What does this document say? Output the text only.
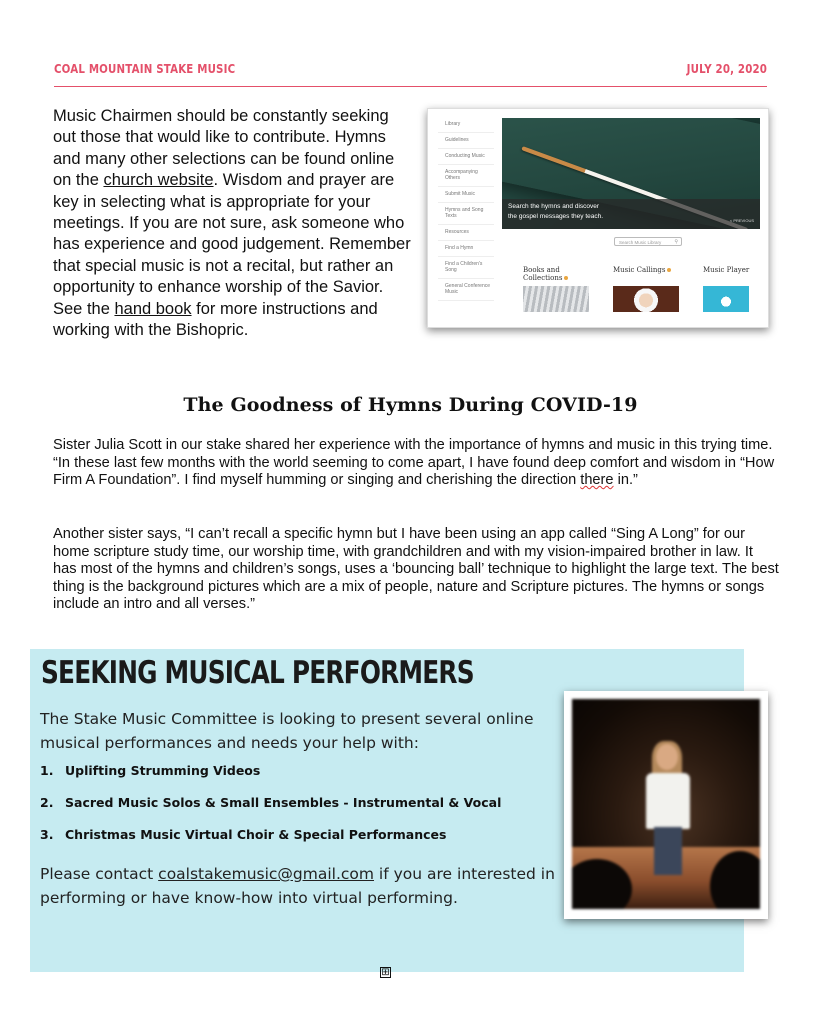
COAL MOUNTAIN STAKE MUSIC	JULY 20, 2020
Music Chairmen should be constantly seeking out those that would like to contribute. Hymns and many other selections can be found online on the church website. Wisdom and prayer are key in selecting what is appropriate for your meetings. If you are not sure, ask someone who has experience and good judgement. Remember that special music is not a recital, but rather an opportunity to enhance worship of the Savior. See the hand book for more instructions and working with the Bishopric.
Library
Guidelines
Conducting Music
Accompanying Others
Submit Music
Hymns and Song Texts
Resources
Find a Hymn
Find a Children's Song
General Conference Music
Search the hymns and discover
the gospel messages they teach.
< PREVIOUS
Search Music Library	⚲
Books and Collections
Music Callings	Music Player
The Goodness of Hymns During COVID-19
Sister Julia Scott in our stake shared her experience with the importance of hymns and music in this trying time. “In these last few months with the world seeming to come apart, I have found deep comfort and wisdom in “How Firm A Foundation”. I find myself humming or singing and cherishing the direction there in.”
Another sister says, “I can’t recall a specific hymn but I have been using an app called “Sing A Long” for our home scripture study time, our worship time, with grandchildren and with my vision-impaired brother in law. It has most of the hymns and children’s songs, uses a ‘bouncing ball’ technique to highlight the large text. The best thing is the background pictures which are a mix of people, nature and Scripture pictures. The hymns or songs include an intro and all verses.”
SEEKING MUSICAL PERFORMERS
The Stake Music Committee is looking to present several online musical performances and needs your help with:
1. Uplifting Strumming Videos
2. Sacred Music Solos & Small Ensembles - Instrumental & Vocal
3. Christmas Music Virtual Choir & Special Performances
Please contact coalstakemusic@gmail.com if you are interested in performing or have know-how into virtual performing.
⊞
